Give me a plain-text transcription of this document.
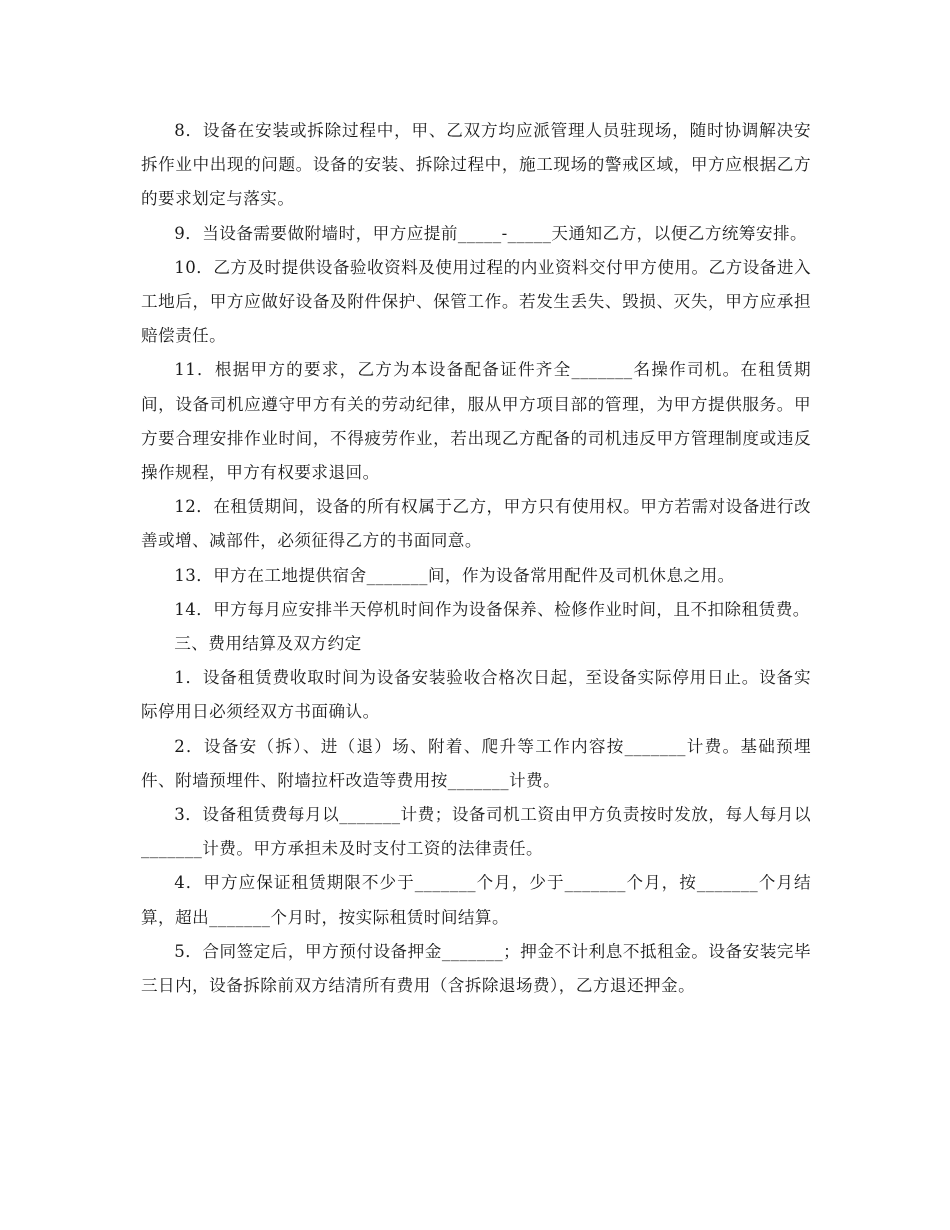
8．设备在安装或拆除过程中，甲、乙双方均应派管理人员驻现场，随时协调解决安拆作业中出现的问题。设备的安装、拆除过程中，施工现场的警戒区域，甲方应根据乙方的要求划定与落实。

9．当设备需要做附墙时，甲方应提前_____-_____天通知乙方，以便乙方统筹安排。

10．乙方及时提供设备验收资料及使用过程的内业资料交付甲方使用。乙方设备进入工地后，甲方应做好设备及附件保护、保管工作。若发生丢失、毁损、灭失，甲方应承担赔偿责任。

11．根据甲方的要求，乙方为本设备配备证件齐全_______名操作司机。在租赁期间，设备司机应遵守甲方有关的劳动纪律，服从甲方项目部的管理，为甲方提供服务。甲方要合理安排作业时间，不得疲劳作业，若出现乙方配备的司机违反甲方管理制度或违反操作规程，甲方有权要求退回。

12．在租赁期间，设备的所有权属于乙方，甲方只有使用权。甲方若需对设备进行改善或增、减部件，必须征得乙方的书面同意。

13．甲方在工地提供宿舍_______间，作为设备常用配件及司机休息之用。

14．甲方每月应安排半天停机时间作为设备保养、检修作业时间，且不扣除租赁费。

三、费用结算及双方约定

1．设备租赁费收取时间为设备安装验收合格次日起，至设备实际停用日止。设备实际停用日必须经双方书面确认。

2．设备安（拆）、进（退）场、附着、爬升等工作内容按_______计费。基础预埋件、附墙预埋件、附墙拉杆改造等费用按_______计费。

3．设备租赁费每月以_______计费；设备司机工资由甲方负责按时发放，每人每月以_______计费。甲方承担未及时支付工资的法律责任。

4．甲方应保证租赁期限不少于_______个月，少于_______个月，按_______个月结算，超出_______个月时，按实际租赁时间结算。

5．合同签定后，甲方预付设备押金_______；押金不计利息不抵租金。设备安装完毕三日内，设备拆除前双方结清所有费用（含拆除退场费），乙方退还押金。
